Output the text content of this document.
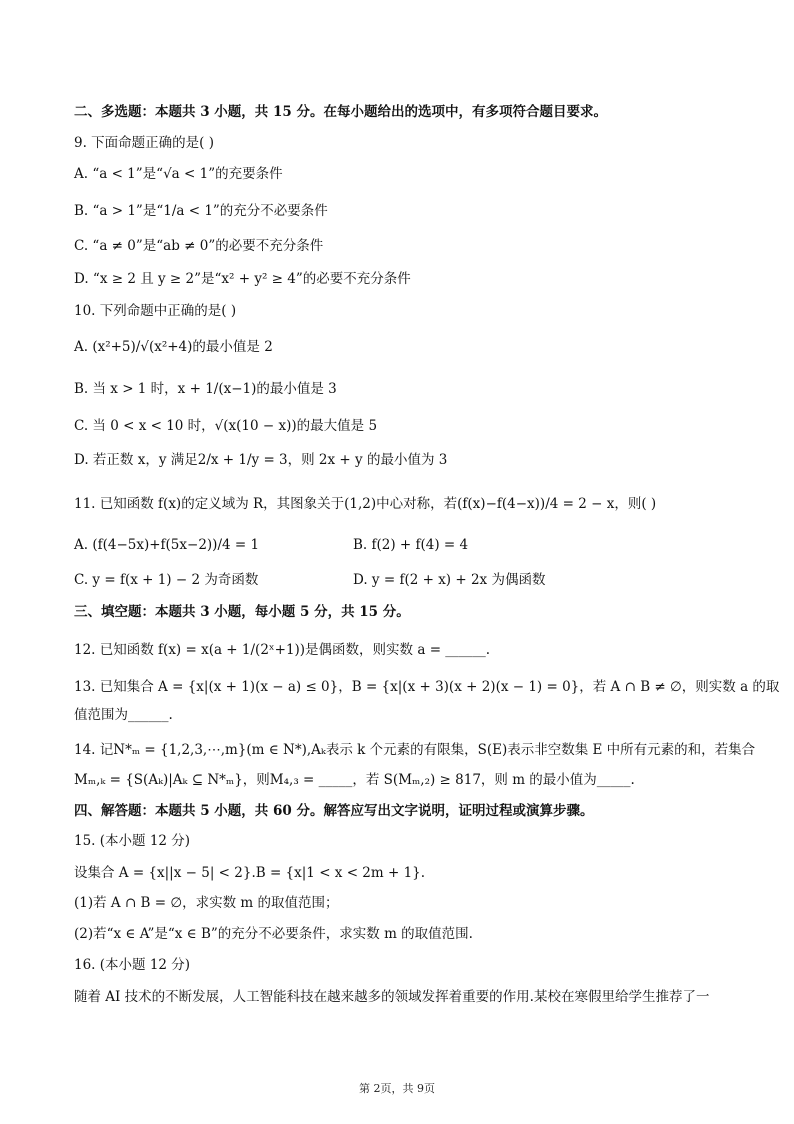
二、多选题：本题共 3 小题，共 15 分。在每小题给出的选项中，有多项符合题目要求。
9. 下面命题正确的是( )
A. “a < 1”是“√a < 1”的充要条件
B. “a > 1”是“1/a < 1”的充分不必要条件
C. “a ≠ 0”是“ab ≠ 0”的必要不充分条件
D. “x ≥ 2 且 y ≥ 2”是“x² + y² ≥ 4”的必要不充分条件
10. 下列命题中正确的是( )
A. (x²+5)/√(x²+4)的最小值是 2
B. 当 x > 1 时，x + 1/(x−1)的最小值是 3
C. 当 0 < x < 10 时，√(x(10 − x))的最大值是 5
D. 若正数 x，y 满足2/x + 1/y = 3，则 2x + y 的最小值为 3
11. 已知函数 f(x)的定义域为 R，其图象关于(1,2)中心对称，若(f(x)−f(4−x))/4 = 2 − x，则( )
A. (f(4−5x)+f(5x−2))/4 = 1	B. f(2) + f(4) = 4
C. y = f(x + 1) − 2 为奇函数	D. y = f(2 + x) + 2x 为偶函数
三、填空题：本题共 3 小题，每小题 5 分，共 15 分。
12. 已知函数 f(x) = x(a + 1/(2ˣ+1))是偶函数，则实数 a = ______.
13. 已知集合 A = {x|(x + 1)(x − a) ≤ 0}，B = {x|(x + 3)(x + 2)(x − 1) = 0}，若 A ∩ B ≠ ∅，则实数 a 的取
值范围为______.
14. 记N*ₘ = {1,2,3,⋯,m}(m ∈ N*),Aₖ表示 k 个元素的有限集，S(E)表示非空数集 E 中所有元素的和，若集合
Mₘ,ₖ = {S(Aₖ)|Aₖ ⊆ N*ₘ}，则M₄,₃ = _____，若 S(Mₘ,₂) ≥ 817，则 m 的最小值为_____.
四、解答题：本题共 5 小题，共 60 分。解答应写出文字说明，证明过程或演算步骤。
15. (本小题 12 分)
设集合 A = {x||x − 5| < 2}.B = {x|1 < x < 2m + 1}.
(1)若 A ∩ B = ∅，求实数 m 的取值范围；
(2)若“x ∈ A”是“x ∈ B”的充分不必要条件，求实数 m 的取值范围.
16. (本小题 12 分)
随着 AI 技术的不断发展，人工智能科技在越来越多的领域发挥着重要的作用.某校在寒假里给学生推荐了一
第 2页，共 9页
